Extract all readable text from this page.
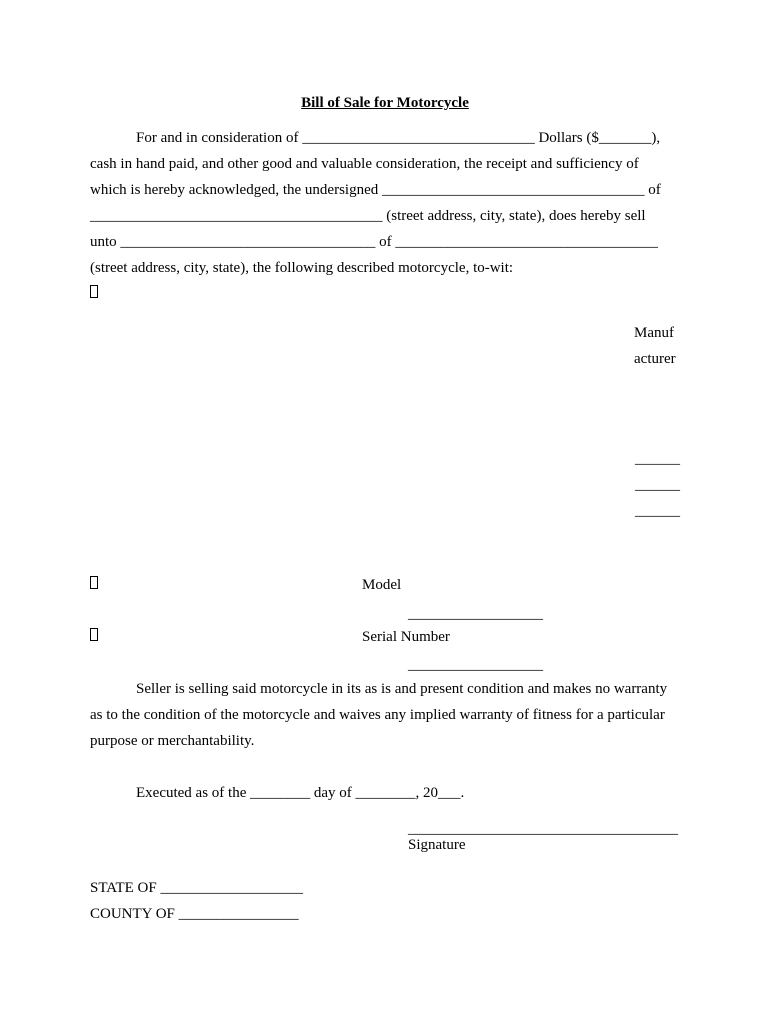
Bill of Sale for Motorcycle
For and in consideration of _______________________________ Dollars ($_______),
cash in hand paid, and other good and valuable consideration, the receipt and sufficiency of
which is hereby acknowledged, the undersigned ___________________________________ of
_______________________________________ (street address, city, state), does hereby sell
unto __________________________________ of ___________________________________
(street address, city, state), the following described motorcycle, to-wit:
Manuf
acturer
______
______
______
Model
__________________
Serial Number
__________________
Seller is selling said motorcycle in its as is and present condition and makes no warranty
as to the condition of the motorcycle and waives any implied warranty of fitness for a particular
purpose or merchantability.
Executed as of the ________ day of ________, 20___.
____________________________________
Signature
STATE OF ___________________
COUNTY OF ________________
